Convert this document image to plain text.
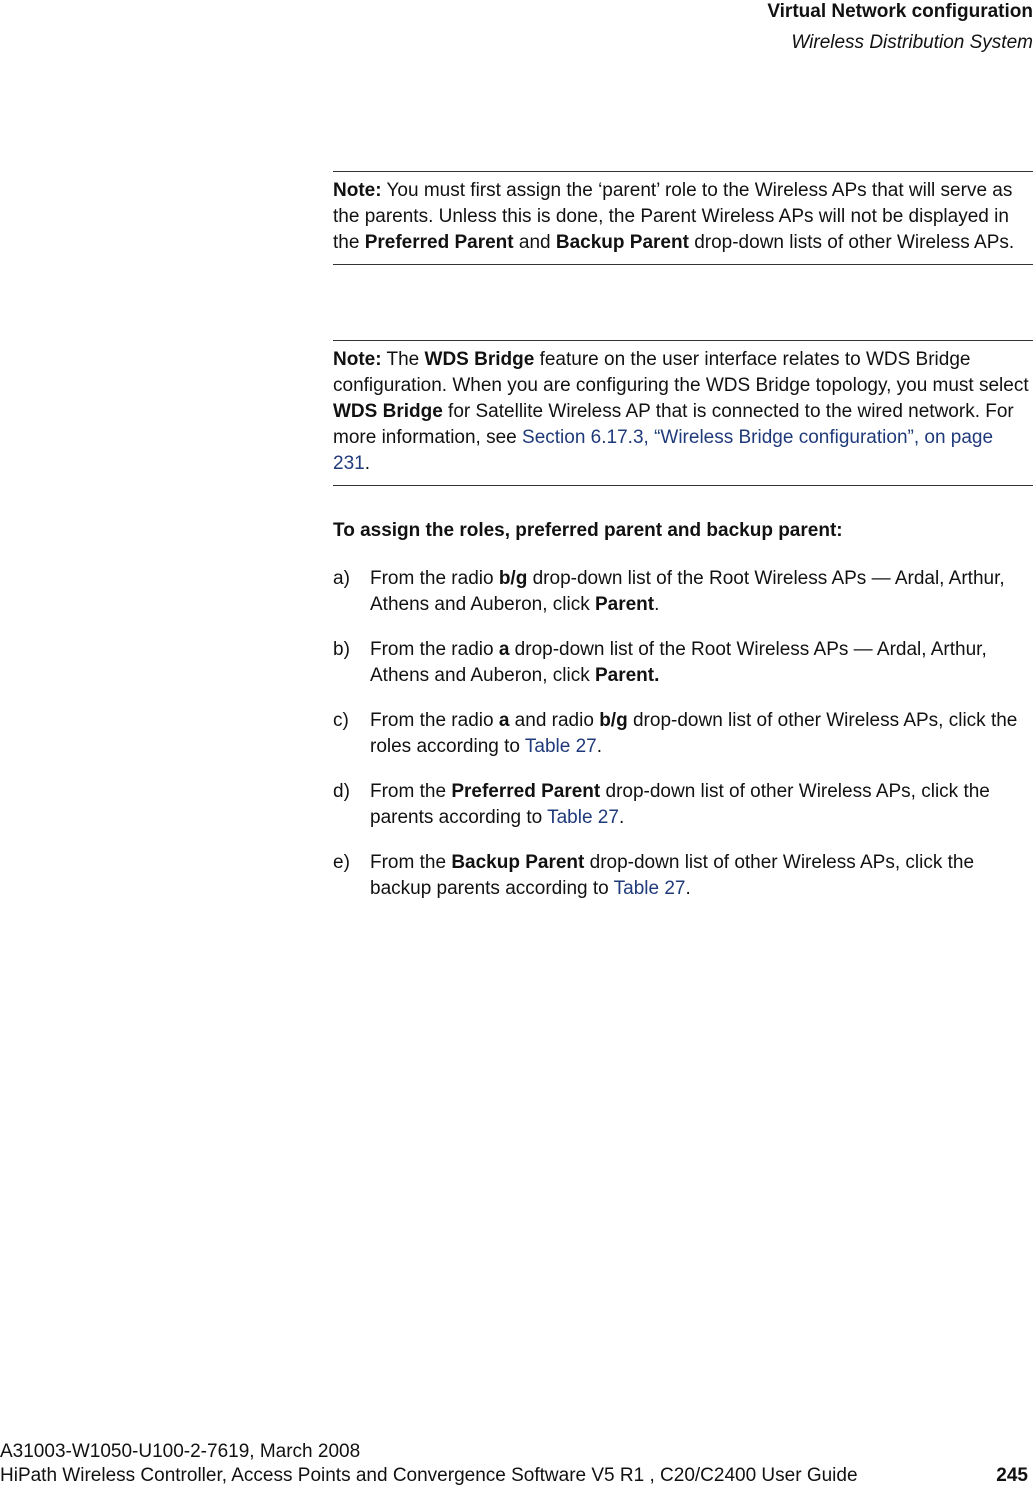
Virtual Network configuration
Wireless Distribution System

Note: You must first assign the ‘parent’ role to the Wireless APs that will serve as the parents. Unless this is done, the Parent Wireless APs will not be displayed in the Preferred Parent and Backup Parent drop-down lists of other Wireless APs.

Note: The WDS Bridge feature on the user interface relates to WDS Bridge configuration. When you are configuring the WDS Bridge topology, you must select WDS Bridge for Satellite Wireless AP that is connected to the wired network. For more information, see Section 6.17.3, “Wireless Bridge configuration”, on page 231.

To assign the roles, preferred parent and backup parent:
a) From the radio b/g drop-down list of the Root Wireless APs — Ardal, Arthur, Athens and Auberon, click Parent.
b) From the radio a drop-down list of the Root Wireless APs — Ardal, Arthur, Athens and Auberon, click Parent.
c) From the radio a and radio b/g drop-down list of other Wireless APs, click the roles according to Table 27.
d) From the Preferred Parent drop-down list of other Wireless APs, click the parents according to Table 27.
e) From the Backup Parent drop-down list of other Wireless APs, click the backup parents according to Table 27.
A31003-W1050-U100-2-7619, March 2008
HiPath Wireless Controller, Access Points and Convergence Software V5 R1 , C20/C2400 User Guide	245
